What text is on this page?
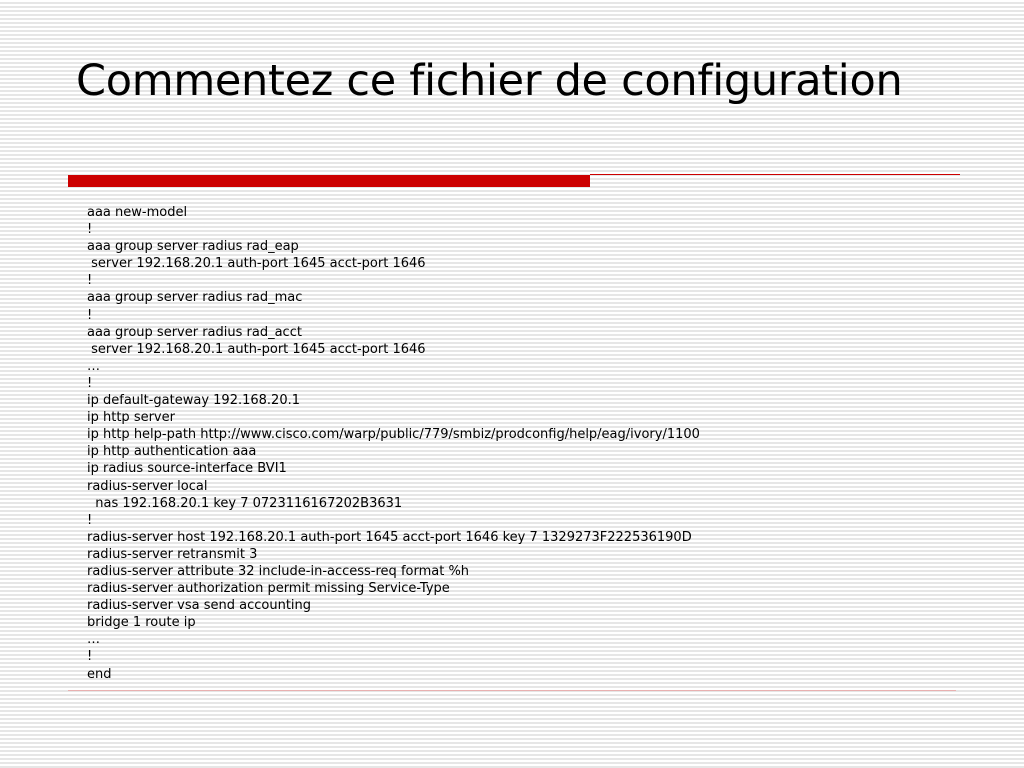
Commentez ce fichier de configuration
aaa new-model
!
aaa group server radius rad_eap
server 192.168.20.1 auth-port 1645 acct-port 1646
!
aaa group server radius rad_mac
!
aaa group server radius rad_acct
server 192.168.20.1 auth-port 1645 acct-port 1646
…
!
ip default-gateway 192.168.20.1
ip http server
ip http help-path http://www.cisco.com/warp/public/779/smbiz/prodconfig/help/eag/ivory/1100
ip http authentication aaa
ip radius source-interface BVI1
radius-server local
nas 192.168.20.1 key 7 0723116167202B3631
!
radius-server host 192.168.20.1 auth-port 1645 acct-port 1646 key 7 1329273F222536190D
radius-server retransmit 3
radius-server attribute 32 include-in-access-req format %h
radius-server authorization permit missing Service-Type
radius-server vsa send accounting
bridge 1 route ip
…
!
end
